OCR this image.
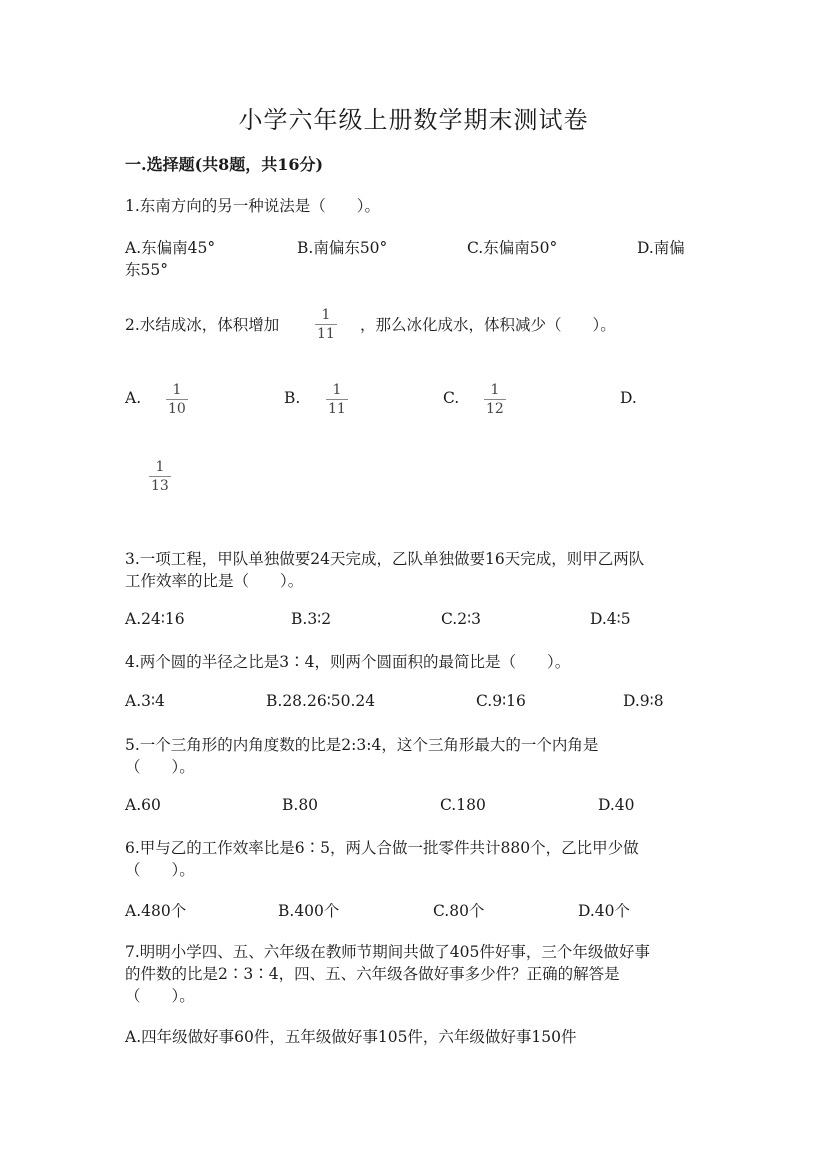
小学六年级上册数学期末测试卷
一.选择题(共8题，共16分)
1.东南方向的另一种说法是（　　）。
A.东偏南45°	B.南偏东50°	C.东偏南50°	D.南偏
东55°
2.水结成冰，体积增加
1
11 ，那么冰化成水，体积减少（　　）。
A. 1
10
B. 1
11
C. 1
12
D.
1
13
3.一项工程，甲队单独做要24天完成，乙队单独做要16天完成，则甲乙两队
工作效率的比是（　　）。
A.24∶16	B.3∶2	C.2∶3	D.4∶5
4.两个圆的半径之比是3∶4，则两个圆面积的最简比是（　　）。
A.3∶4	B.28.26∶50.24	C.9∶16	D.9∶8
5.一个三角形的内角度数的比是2:3:4，这个三角形最大的一个内角是
（　　）。
A.60	B.80	C.180	D.40
6.甲与乙的工作效率比是6∶5，两人合做一批零件共计880个，乙比甲少做
（　　）。
A.480个	B.400个	C.80个	D.40个
7.明明小学四、五、六年级在教师节期间共做了405件好事，三个年级做好事
的件数的比是2∶3∶4，四、五、六年级各做好事多少件？正确的解答是
（　　）。
A.四年级做好事60件，五年级做好事105件，六年级做好事150件
